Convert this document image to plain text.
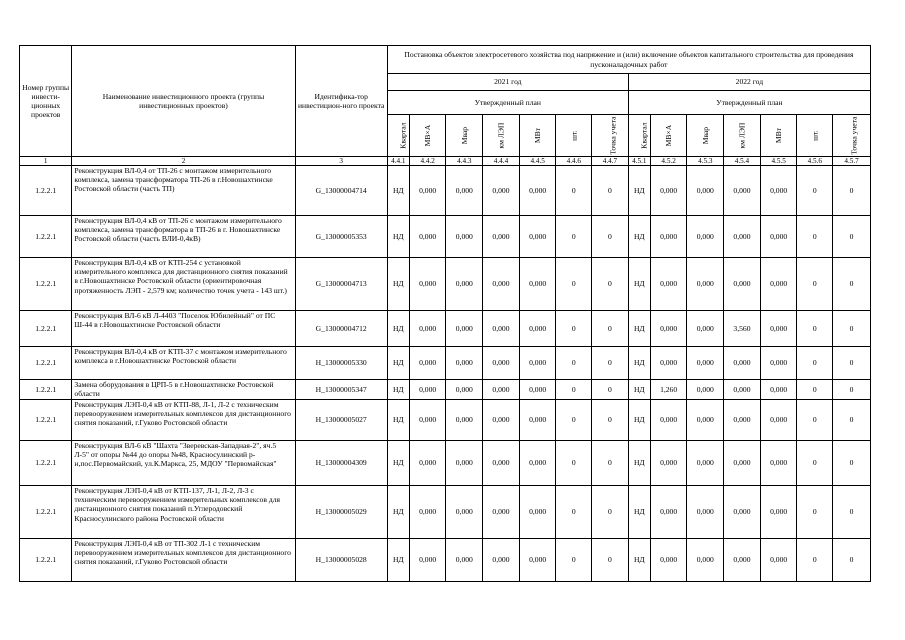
Номер группы инвести-ционных проектов	Наименование инвестиционного проекта (группы инвестиционных проектов)	Идентифика-тор инвестицион-ного проекта	Постановка объектов электросетевого хозяйства под напряжение и (или) включение объектов капитального строительства для проведения пусконаладочных работ													
			2021 год							2022 год						
			Утвержденный план							Утвержденный план						
			Квартал	МВ×А	Мвар	км ЛЭП	МВт	шт.	Точка учета	Квартал	МВ×А	Мвар	км ЛЭП	МВт	шт.	Точка учета
1	2	3	4.4.1	4.4.2	4.4.3	4.4.4	4.4.5	4.4.6	4.4.7	4.5.1	4.5.2	4.5.3	4.5.4	4.5.5	4.5.6	4.5.7
1.2.2.1	Реконструкция ВЛ-0,4 от ТП-26 с монтажом измерительного комплекса, замена трансформатора ТП-26 в г.Новошахтинске Ростовской области (часть ТП)	G_13000004714	НД	0,000	0,000	0,000	0,000	0	0	НД	0,000	0,000	0,000	0,000	0	0
1.2.2.1	Реконструкция ВЛ-0,4 кВ от ТП-26 с монтажом измерительного комплекса, замена трансформатора в ТП-26 в г. Новошахтинске Ростовской области (часть ВЛИ-0,4кВ)	G_13000005353	НД	0,000	0,000	0,000	0,000	0	0	НД	0,000	0,000	0,000	0,000	0	0
1.2.2.1	Реконструкция ВЛ-0,4 кВ от КТП-254 с установкой измерительного комплекса для дистанционного снятия показаний в г.Новошахтинске Ростовской области (ориентировочная протяженность ЛЭП - 2,579 км; количество точек учета - 143 шт.)	G_13000004713	НД	0,000	0,000	0,000	0,000	0	0	НД	0,000	0,000	0,000	0,000	0	0
1.2.2.1	Реконструкция ВЛ-6 кВ Л-4403 "Поселок Юбилейный" от ПС Ш-44 в г.Новошахтинске Ростовской области	G_13000004712	НД	0,000	0,000	0,000	0,000	0	0	НД	0,000	0,000	3,560	0,000	0	0
1.2.2.1	Реконструкция ВЛ-0,4 кВ от КТП-37 с монтажом измерительного комплекса в г.Новошахтинске Ростовской области	H_13000005330	НД	0,000	0,000	0,000	0,000	0	0	НД	0,000	0,000	0,000	0,000	0	0
1.2.2.1	Замена оборудования в ЦРП-5 в г.Новошахтинске Ростовской области	H_13000005347	НД	0,000	0,000	0,000	0,000	0	0	НД	1,260	0,000	0,000	0,000	0	0
1.2.2.1	Реконструкция ЛЭП-0,4 кВ от КТП-88, Л-1, Л-2 с техническим перевооружением измерительных комплексов для дистанционного снятия показаний, г.Гуково Ростовской области	H_13000005027	НД	0,000	0,000	0,000	0,000	0	0	НД	0,000	0,000	0,000	0,000	0	0
1.2.2.1	Реконструкция ВЛ-6 кВ "Шахта "Зверевская-Западная-2", яч.5 Л-5" от опоры №44 до опоры №48, Красносулинский р-н,пос.Первомайский, ул.К.Маркса, 25, МДОУ "Первомайская"	H_13000004309	НД	0,000	0,000	0,000	0,000	0	0	НД	0,000	0,000	0,000	0,000	0	0
1.2.2.1	Реконструкция ЛЭП-0,4 кВ от КТП-137, Л-1, Л-2, Л-3 с техническим перевооружением измерительных комплексов для дистанционного снятия показаний п.Углеродовский Красносулинского района Ростовской области	H_13000005029	НД	0,000	0,000	0,000	0,000	0	0	НД	0,000	0,000	0,000	0,000	0	0
1.2.2.1	Реконструкция ЛЭП-0,4 кВ от ТП-302 Л-1 с техническим перевооружением измерительных комплексов для дистанционного снятия показаний, г.Гуково Ростовской области	H_13000005028	НД	0,000	0,000	0,000	0,000	0	0	НД	0,000	0,000	0,000	0,000	0	0
